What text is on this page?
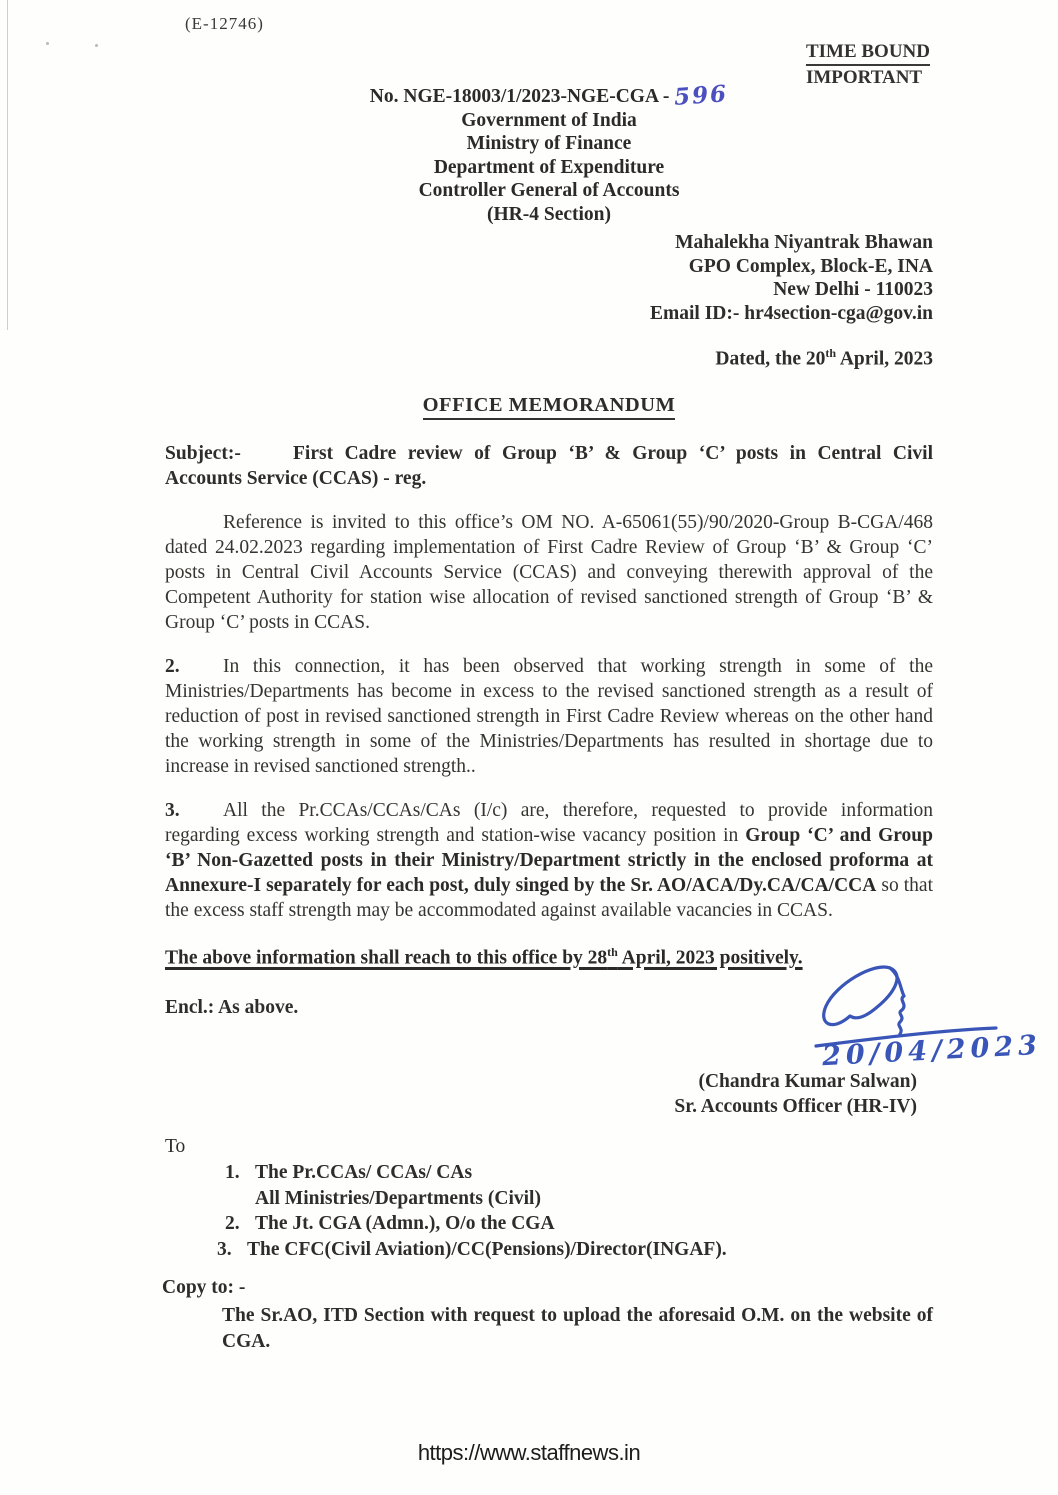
TIME BOUND
IMPORTANT
(E-12746)
No. NGE-18003/1/2023-NGE-CGA - 596
Government of India
Ministry of Finance
Department of Expenditure
Controller General of Accounts
(HR-4 Section)
Mahalekha Niyantrak Bhawan
GPO Complex, Block-E, INA
New Delhi - 110023
Email ID:- hr4section-cga@gov.in
Dated, the 20th April, 2023
OFFICE MEMORANDUM
Subject:-	First Cadre review of Group ‘B’ & Group ‘C’ posts in Central Civil Accounts Service (CCAS) - reg.

Reference is invited to this office’s OM NO. A-65061(55)/90/2020-Group B-CGA/468 dated 24.02.2023 regarding implementation of First Cadre Review of Group ‘B’ & Group ‘C’ posts in Central Civil Accounts Service (CCAS) and conveying therewith approval of the Competent Authority for station wise allocation of revised sanctioned strength of Group ‘B’ & Group ‘C’ posts in CCAS.

2. In this connection, it has been observed that working strength in some of the Ministries/Departments has become in excess to the revised sanctioned strength as a result of reduction of post in revised sanctioned strength in First Cadre Review whereas on the other hand the working strength in some of the Ministries/Departments has resulted in shortage due to increase in revised sanctioned strength..

3. All the Pr.CCAs/CCAs/CAs (I/c) are, therefore, requested to provide information regarding excess working strength and station-wise vacancy position in Group ‘C’ and Group ‘B’ Non-Gazetted posts in their Ministry/Department strictly in the enclosed proforma at Annexure-I separately for each post, duly singed by the Sr. AO/ACA/Dy.CA/CA/CCA so that the excess staff strength may be accommodated against available vacancies in CCAS.

The above information shall reach to this office by 28th April, 2023 positively.
Encl.: As above.
(Chandra Kumar Salwan)
Sr. Accounts Officer (HR-IV)
To
1. The Pr.CCAs/ CCAs/ CAs
All Ministries/Departments (Civil)
2. The Jt. CGA (Admn.), O/o the CGA
3. The CFC(Civil Aviation)/CC(Pensions)/Director(INGAF).
Copy to: -
The Sr.AO, ITD Section with request to upload the aforesaid O.M. on the website of CGA.
20/04/2023
https://www.staffnews.in
